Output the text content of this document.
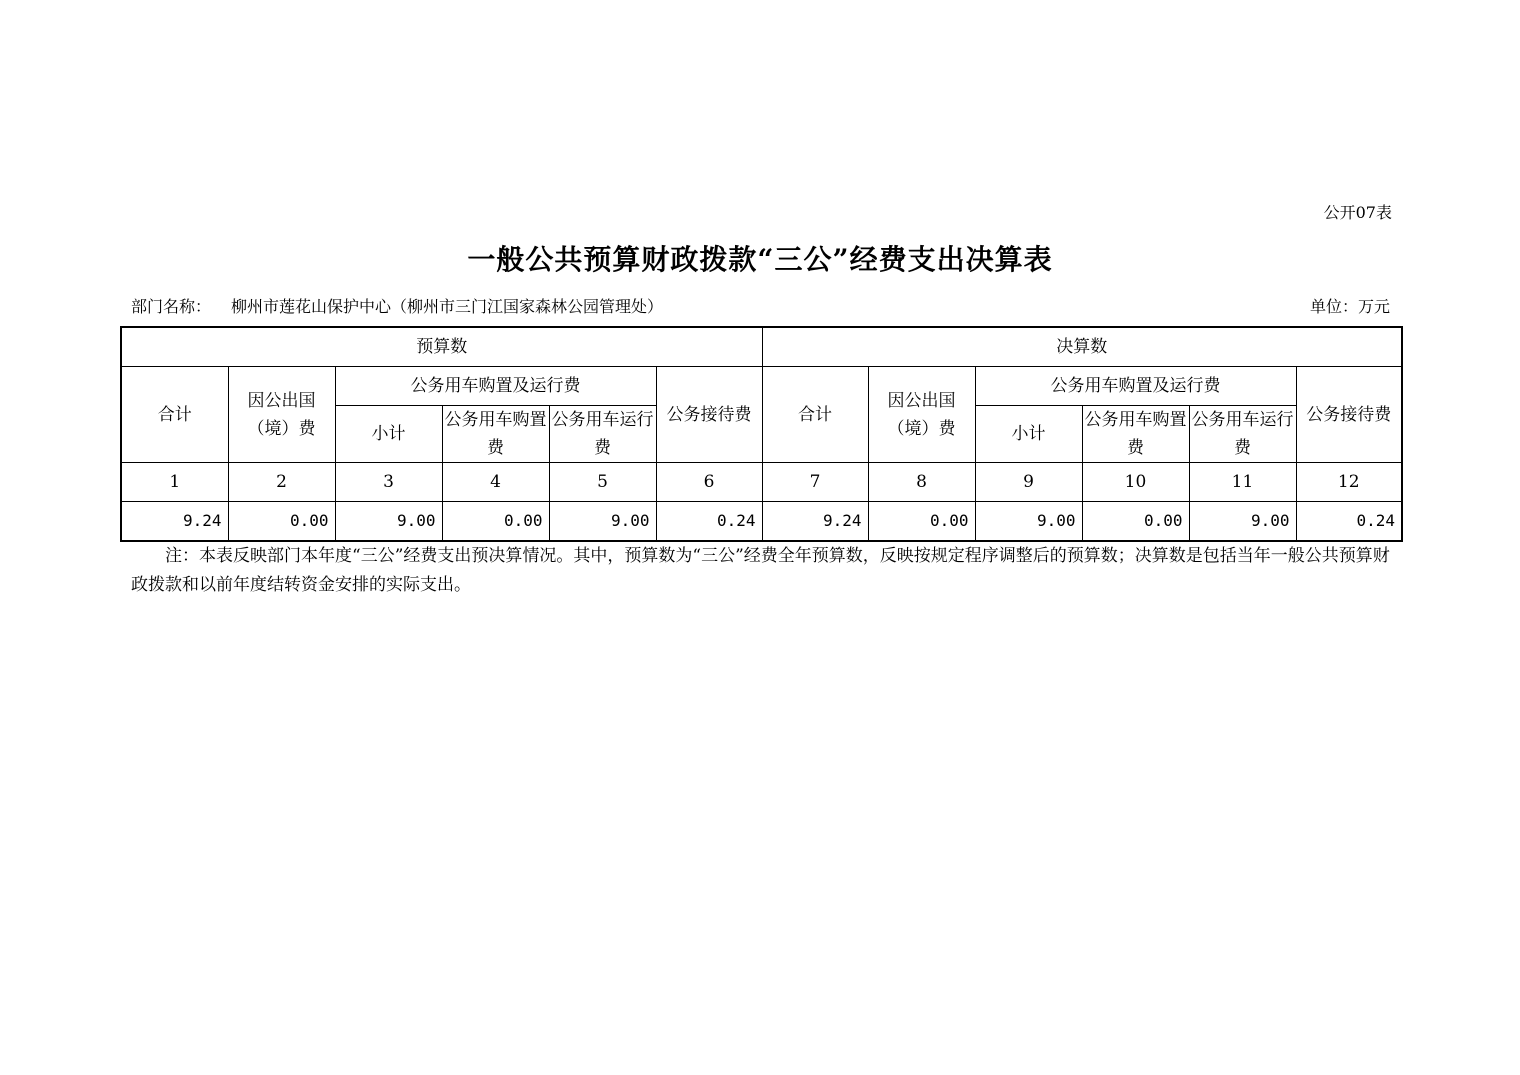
公开07表
一般公共预算财政拨款“三公”经费支出决算表
部门名称： 柳州市莲花山保护中心（柳州市三门江国家森林公园管理处）	单位：万元
预算数						决算数					
合计	因公出国（境）费	公务用车购置及运行费			公务接待费	合计	因公出国（境）费	公务用车购置及运行费			公务接待费
		小计	公务用车购置费	公务用车运行费				小计	公务用车购置费	公务用车运行费	
1	2	3	4	5	6	7	8	9	10	11	12
9.24	0.00	9.00	0.00	9.00	0.24	9.24	0.00	9.00	0.00	9.00	0.24
注：本表反映部门本年度“三公”经费支出预决算情况。其中，预算数为“三公”经费全年预算数，反映按规定程序调整后的预算数；决算数是包括当年一般公共预算财政拨款和以前年度结转资金安排的实际支出。
